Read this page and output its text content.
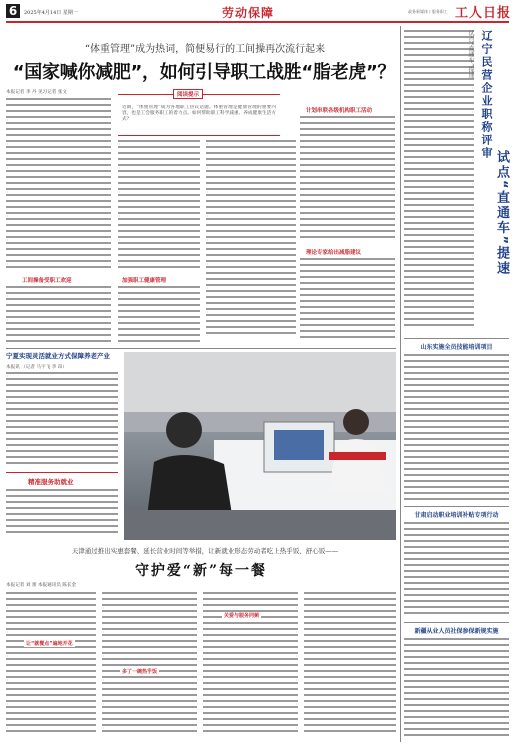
6	2025年4月14日 星期一	劳动保障	政务新媒体 | 服务职工 工人日报
“体重管理”成为热词，简便易行的工间操再次流行起来
“国家喊你减肥”，如何引导职工战胜“脂老虎”？
本报记者 李 丹 见习记者 张文	阅读提示
近期，“体重管理”成为各地职工热议话题。体重管理是健康管理的重要内容，也是工会服务职工的着力点。如何帮助职工科学减重、养成健康生活方式？
工间操备受职工欢迎	加强职工健康管理
计划串联各级机构职工活动
理论专家给出减脂建议
宁夏实现灵活就业方式保障养老产业
本报讯 （记者 马宇飞 李 昂）
精准服务助就业
天津通过推出实惠套餐、延长营业时间等举措，让新就业形态劳动者吃上热乎饭、舒心饭——
守护爱“新”每一餐
本报记者 刘 蕾 本报通讯员 陈长金
让“就餐点”遍地开花
多了一碗热乎饭
关爱与服务同频
辽宁民营企业职称评审
试点“直通车”提速
试点“直通车”提速
山东实施全员技能培训项目
甘肃启动职业培训补贴专项行动
新疆从业人员社保参保新规实施
